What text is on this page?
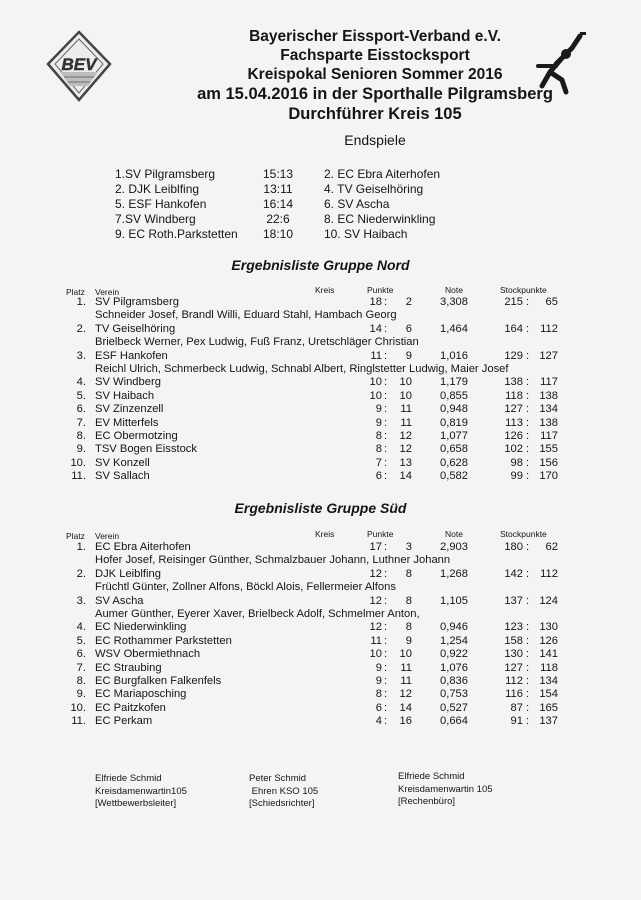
BEV
Bayerischer Eissport-Verband e.V.
Fachsparte Eisstocksport
Kreispokal Senioren Sommer 2016
am 15.04.2016 in der Sporthalle Pilgramsberg
Durchführer Kreis 105
Endspiele
1.SV Pilgramsberg	15:13	2. EC Ebra Aiterhofen
2. DJK Leiblfing	13:11	4. TV Geiselhöring
5. ESF Hankofen	16:14	6. SV Ascha
7.SV Windberg	22:6	8. EC Niederwinkling
9. EC Roth.Parkstetten	18:10	10. SV Haibach
Ergebnisliste Gruppe Nord
Platz Verein	Kreis	Punkte	Note	Stockpunkte
1. SV Pilgramsberg	18 :	2	3,308	215 :	65
Schneider Josef, Brandl Willi, Eduard Stahl, Hambach Georg
2. TV Geiselhöring	14 :	6	1,464	164 : 112
Brielbeck Werner, Pex Ludwig, Fuß Franz, Uretschläger Christian
3. ESF Hankofen	11 :	9	1,016	129 : 127
Reichl Ulrich, Schmerbeck Ludwig, Schnabl Albert, Ringlstetter Ludwig, Maier Josef
4. SV Windberg	10 :	10	1,179	138 : 117
5. SV Haibach	10 :	10	0,855	118 : 138
6. SV Zinzenzell	9 :	11	0,948	127 : 134
7. EV Mitterfels	9 :	11	0,819	113 : 138
8. EC Obermotzing	8 :	12	1,077	126 : 117
9. TSV Bogen Eisstock	8 :	12	0,658	102 : 155
10. SV Konzell	7 :	13	0,628	98 : 156
11. SV Sallach	6 :	14	0,582	99 : 170
Ergebnisliste Gruppe Süd
Platz Verein	Kreis	Punkte	Note	Stockpunkte
1. EC Ebra Aiterhofen	17 :	3	2,903	180 :	62
Hofer Josef, Reisinger Günther, Schmalzbauer Johann, Luthner Johann
2. DJK Leiblfing	12 :	8	1,268	142 : 112
Früchtl Günter, Zollner Alfons, Böckl Alois, Fellermeier Alfons
3. SV Ascha	12 :	8	1,105	137 : 124
Aumer Günther, Eyerer Xaver, Brielbeck Adolf, Schmelmer Anton,
4. EC Niederwinkling	12 :	8	0,946	123 : 130
5. EC Rothammer Parkstetten	11 :	9	1,254	158 : 126
6. WSV Obermiethnach	10 :	10	0,922	130 : 141
7. EC Straubing	9 :	11	1,076	127 : 118
8. EC Burgfalken Falkenfels	9 :	11	0,836	112 : 134
9. EC Mariaposching	8 :	12	0,753	116 : 154
10. EC Paitzkofen	6 :	14	0,527	87 : 165
11. EC Perkam	4 :	16	0,664	91 : 137
Elfriede Schmid
Kreisdamenwartin105
[Wettbewerbsleiter]
Peter Schmid
Ehren KSO 105
[Schiedsrichter]
Elfriede Schmid
Kreisdamenwartin 105
[Rechenbüro]
